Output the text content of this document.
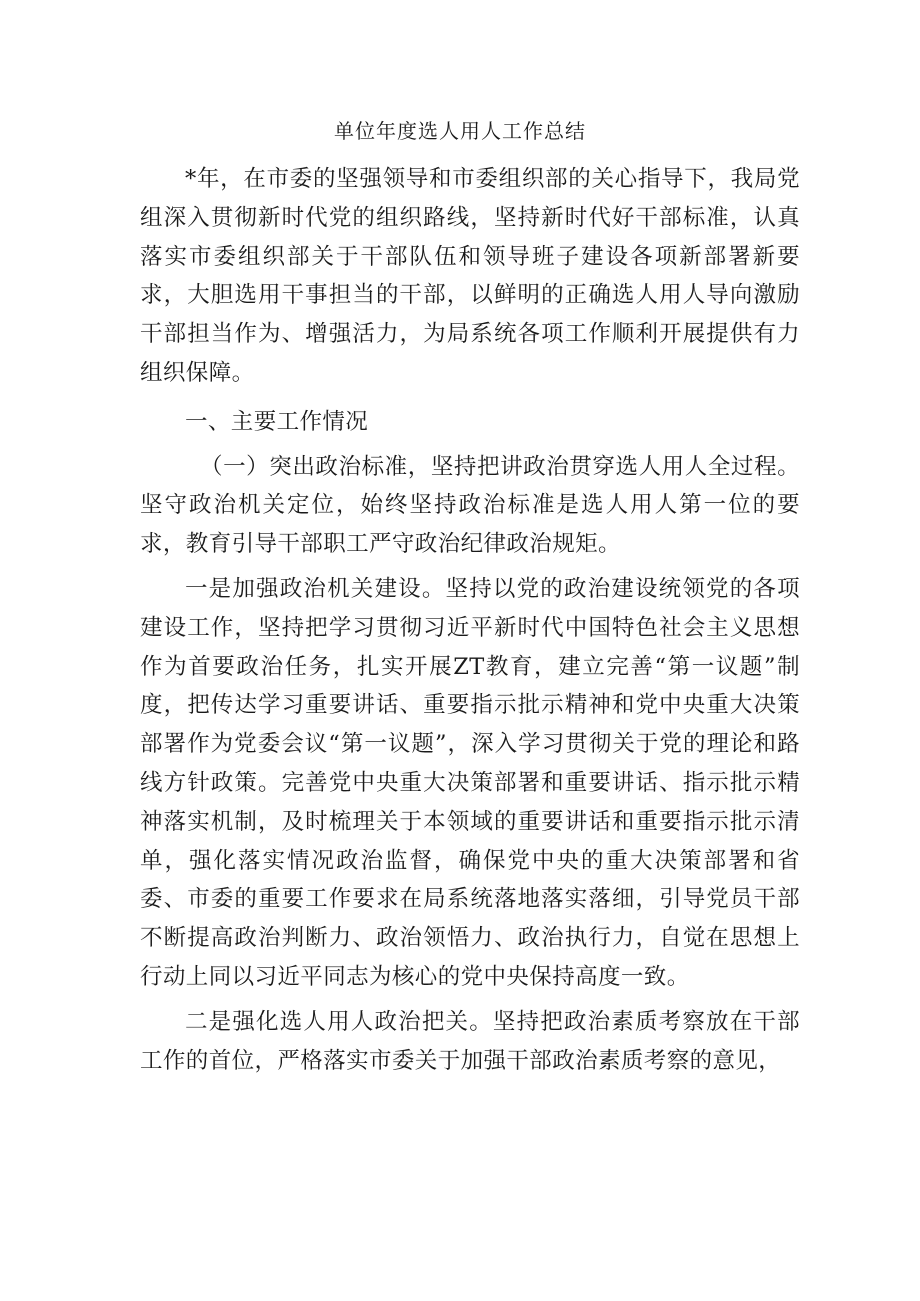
单位年度选人用人工作总结

*年，在市委的坚强领导和市委组织部的关心指导下，我局党组深入贯彻新时代党的组织路线，坚持新时代好干部标准，认真落实市委组织部关于干部队伍和领导班子建设各项新部署新要求，大胆选用干事担当的干部，以鲜明的正确选人用人导向激励干部担当作为、增强活力，为局系统各项工作顺利开展提供有力组织保障。

一、主要工作情况

（一）突出政治标准，坚持把讲政治贯穿选人用人全过程。坚守政治机关定位，始终坚持政治标准是选人用人第一位的要求，教育引导干部职工严守政治纪律政治规矩。

一是加强政治机关建设。坚持以党的政治建设统领党的各项建设工作，坚持把学习贯彻习近平新时代中国特色社会主义思想作为首要政治任务，扎实开展ZT教育，建立完善“第一议题”制度，把传达学习重要讲话、重要指示批示精神和党中央重大决策部署作为党委会议“第一议题”，深入学习贯彻关于党的理论和路线方针政策。完善党中央重大决策部署和重要讲话、指示批示精神落实机制，及时梳理关于本领域的重要讲话和重要指示批示清单，强化落实情况政治监督，确保党中央的重大决策部署和省委、市委的重要工作要求在局系统落地落实落细，引导党员干部不断提高政治判断力、政治领悟力、政治执行力，自觉在思想上行动上同以习近平同志为核心的党中央保持高度一致。

二是强化选人用人政治把关。坚持把政治素质考察放在干部工作的首位，严格落实市委关于加强干部政治素质考察的意见，
